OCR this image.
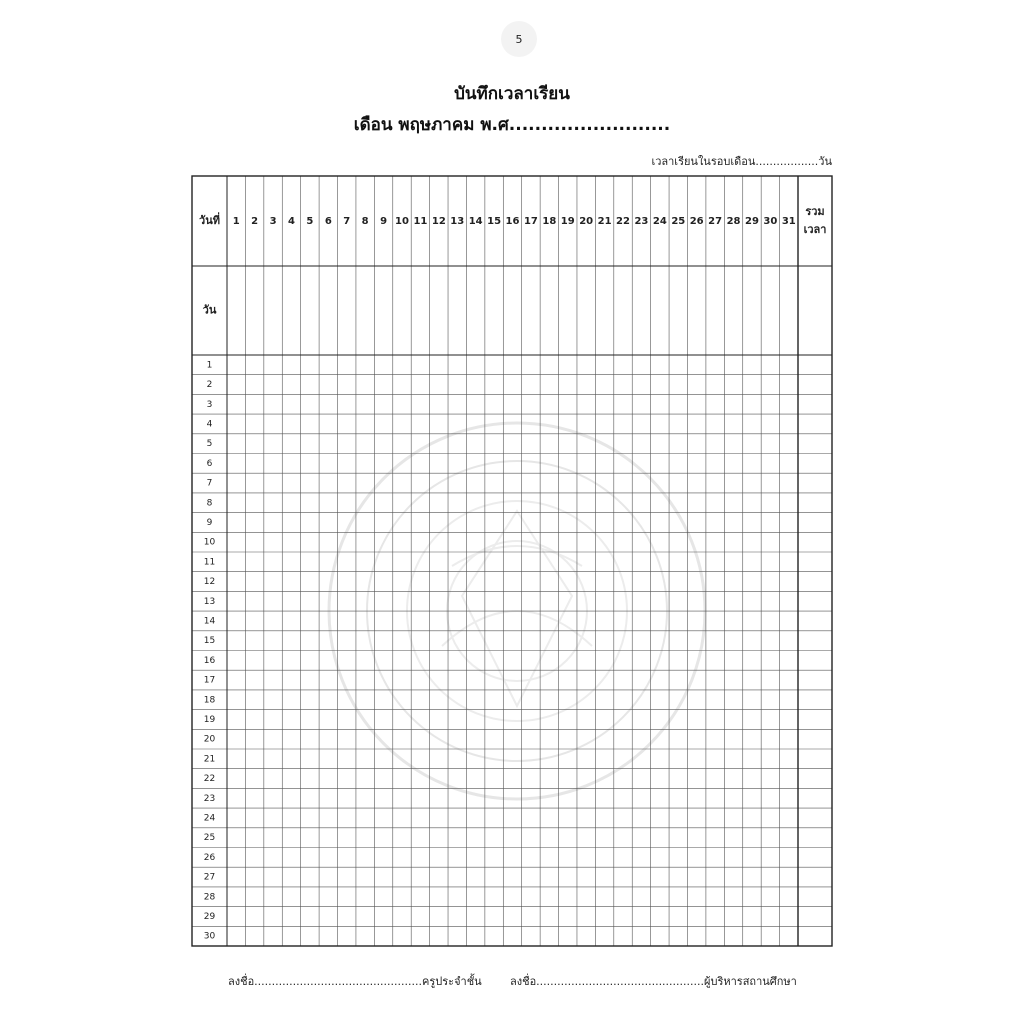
5
บันทึกเวลาเรียน
เดือน พฤษภาคม พ.ศ.........................
เวลาเรียนในรอบเดือน..................วัน
วันที่
วัน
รวม
เวลา
1 2 3 4 5 6 7 8 9 10 11 12 13 14 15 16 17 18 19 20 21 22 23 24 25 26 27 28 29 30 31
1
2
3
4
5
6
7
8
9
10
11
12
13
14
15
16
17
18
19
20
21
22
23
24
25
26
27
28
29
30
ลงชื่อ................................................ครูประจำชั้น	ลงชื่อ................................................ผู้บริหารสถานศึกษา
